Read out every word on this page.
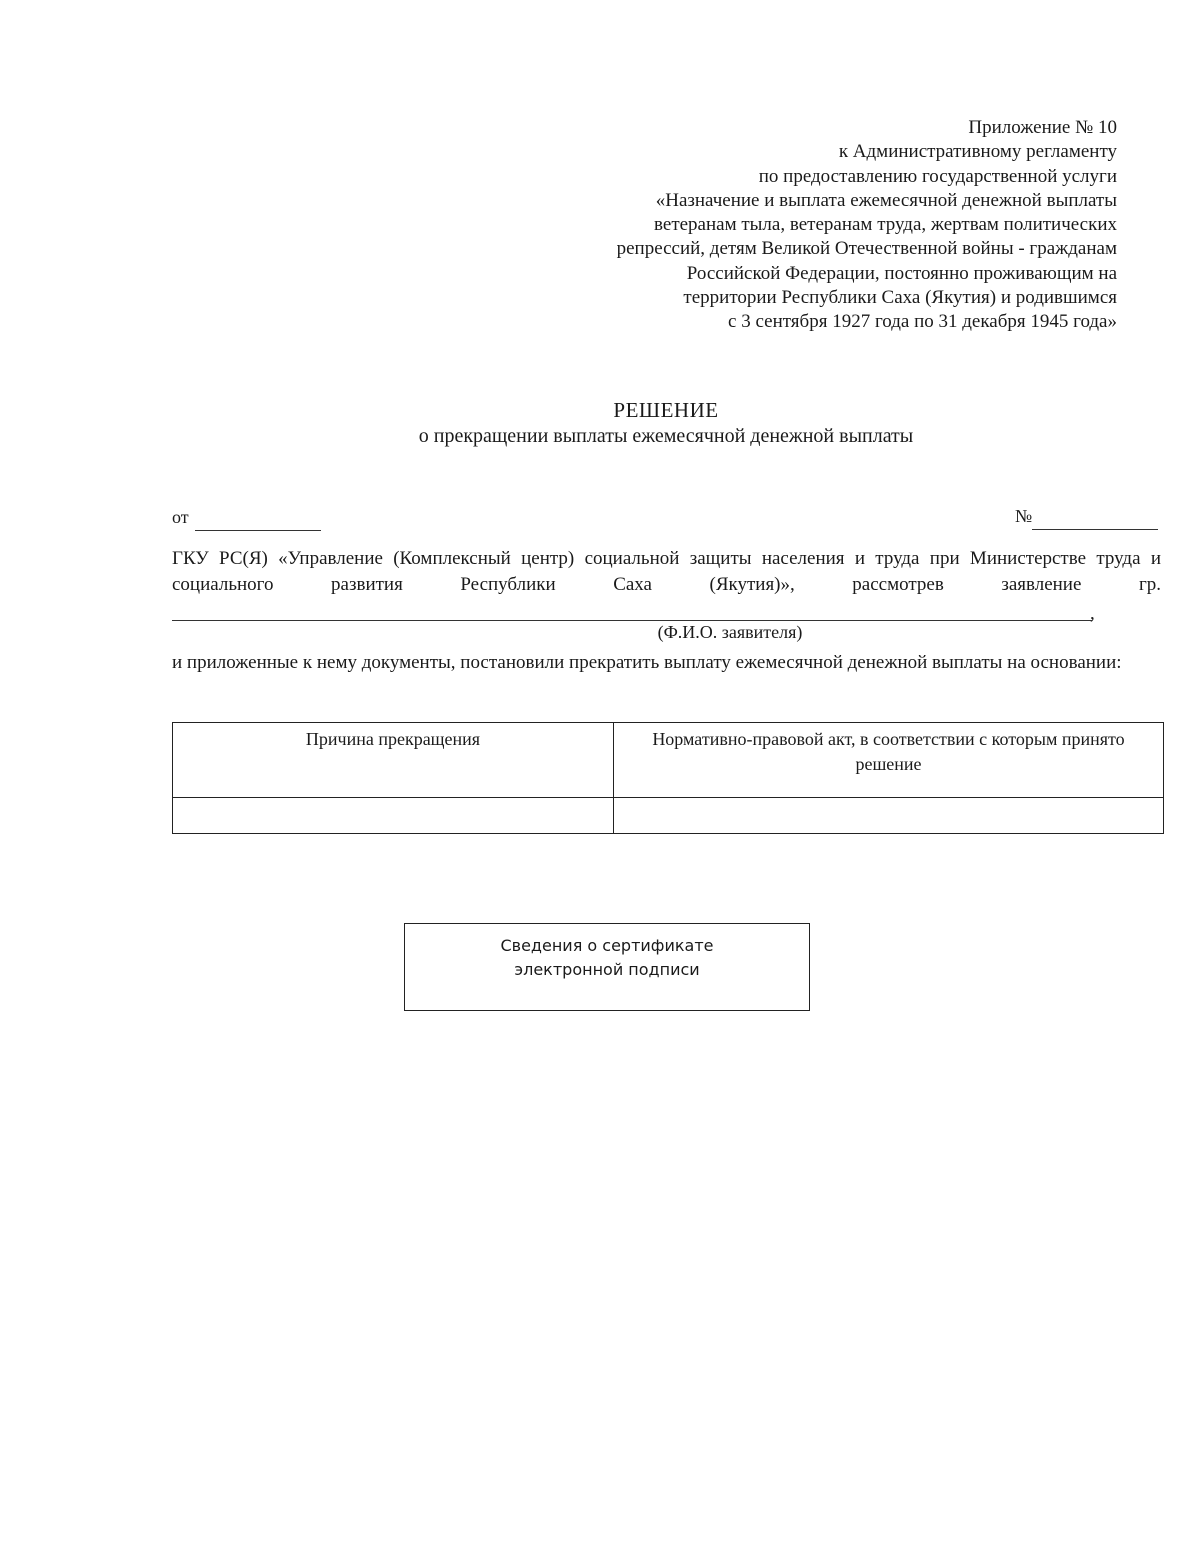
Приложение № 10
к Административному регламенту
по предоставлению государственной услуги
«Назначение и выплата ежемесячной денежной выплаты
ветеранам тыла, ветеранам труда, жертвам политических
репрессий, детям Великой Отечественной войны - гражданам
Российской Федерации, постоянно проживающим на
территории Республики Саха (Якутия) и родившимся
с 3 сентября 1927 года по 31 декабря 1945 года»
РЕШЕНИЕ
о прекращении выплаты ежемесячной денежной выплаты
от	№
ГКУ РС(Я) «Управление (Комплексный центр) социальной защиты населения и труда при Министерстве труда и социального развития Республики Саха (Якутия)», рассмотрев заявление гр.
,
(Ф.И.О. заявителя)
и приложенные к нему документы, постановили прекратить выплату ежемесячной денежной выплаты на основании:
Причина прекращения	Нормативно-правовой акт, в соответствии с которым принято решение

Сведения о сертификате
электронной подписи
